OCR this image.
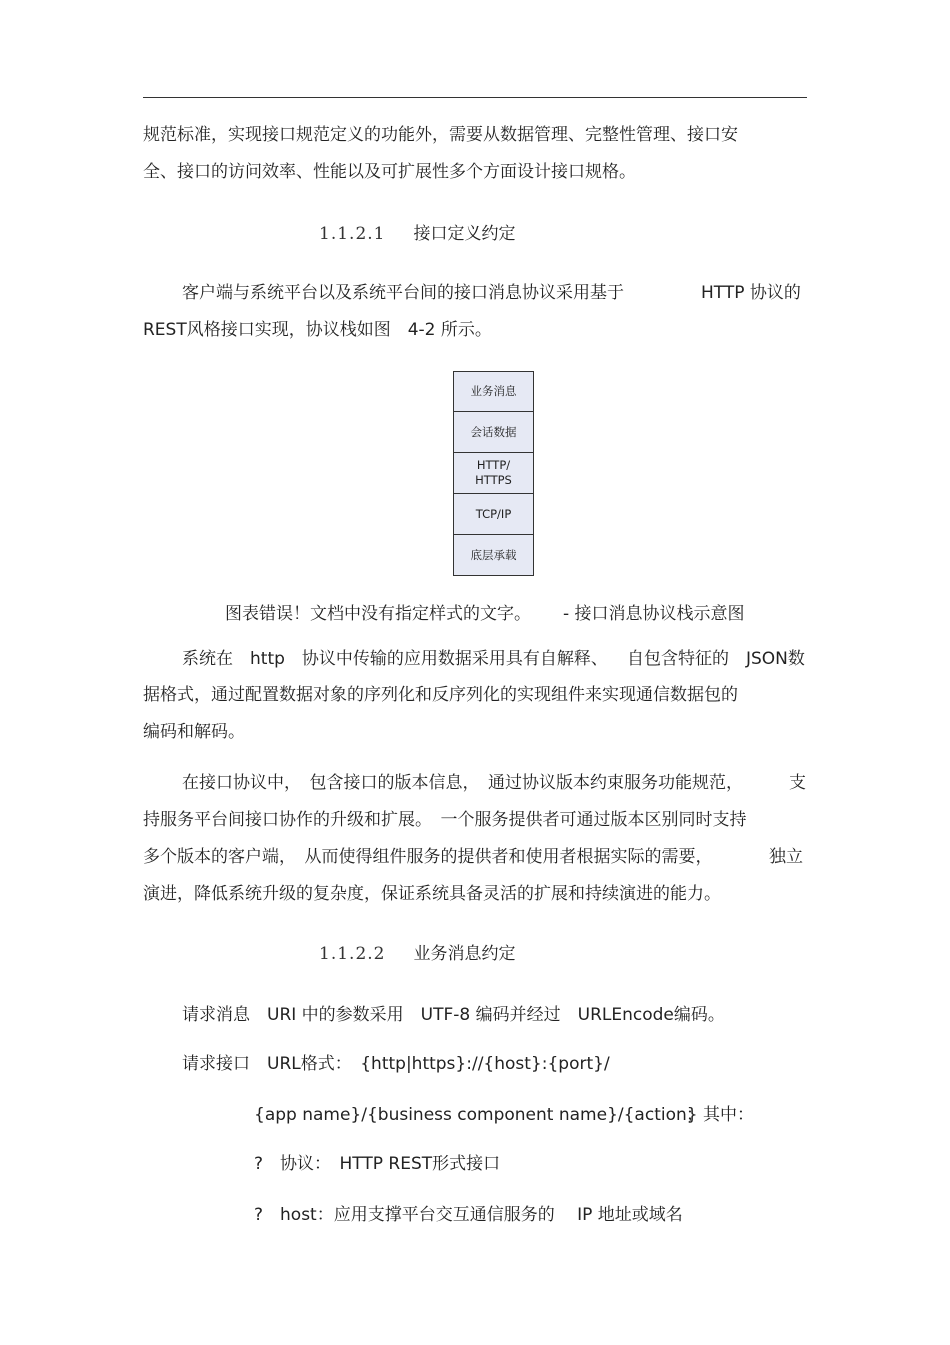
规范标准，实现接口规范定义的功能外，需要从数据管理、完整性管理、接口安
全、接口的访问效率、性能以及可扩展性多个方面设计接口规格。
1.1.2.1 接口定义约定
客户端与系统平台以及系统平台间的接口消息协议采用基于	HTTP 协议的
REST风格接口实现，协议栈如图　4-2 所示。
业务消息
会话数据
HTTP/
HTTPS
TCP/IP
底层承载
图表错误！文档中没有指定样式的文字。 - 接口消息协议栈示意图
系统在　http　协议中传输的应用数据采用具有自解释、 自包含特征的　JSON数
据格式，通过配置数据对象的序列化和反序列化的实现组件来实现通信数据包的
编码和解码。
在接口协议中，　包含接口的版本信息，　通过协议版本约束服务功能规范，	支
持服务平台间接口协作的升级和扩展。　一个服务提供者可通过版本区别同时支持
多个版本的客户端，　从而使得组件服务的提供者和使用者根据实际的需要，	独立
演进，降低系统升级的复杂度，保证系统具备灵活的扩展和持续演进的能力。
1.1.2.2 业务消息约定
请求消息　URI 中的参数采用　UTF-8 编码并经过　URLEncode编码。
请求接口　URL格式：　{http|https}://{host}:{port}/
{app name}/{business component name}/{action}
；其中：
?　协议：　HTTP REST形式接口
?　host：应用支撑平台交互通信服务的　 IP 地址或域名
